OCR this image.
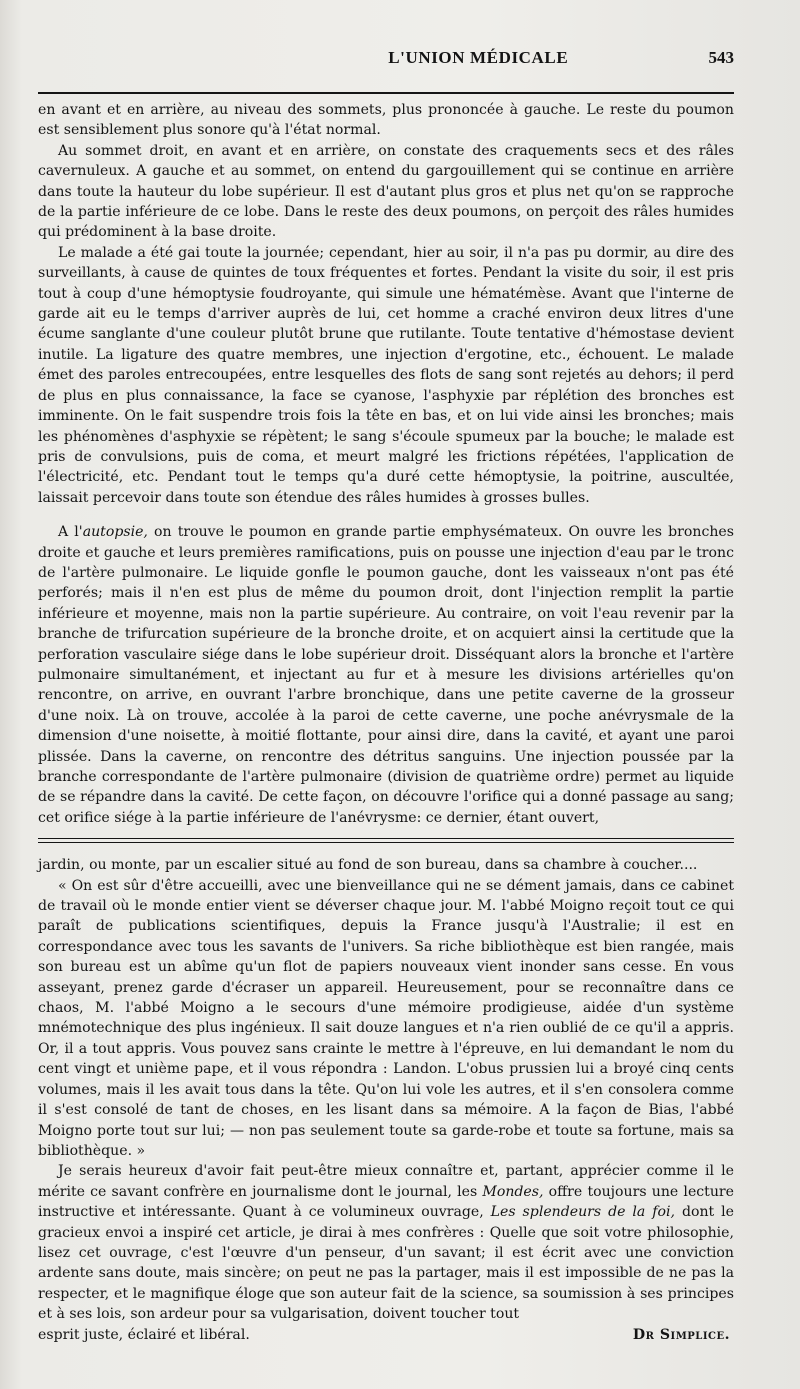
L'UNION MÉDICALE	543

en avant et en arrière, au niveau des sommets, plus prononcée à gauche. Le reste du poumon est sensiblement plus sonore qu'à l'état normal.

Au sommet droit, en avant et en arrière, on constate des craquements secs et des râles cavernuleux. A gauche et au sommet, on entend du gargouillement qui se continue en arrière dans toute la hauteur du lobe supérieur. Il est d'autant plus gros et plus net qu'on se rapproche de la partie inférieure de ce lobe. Dans le reste des deux poumons, on perçoit des râles humides qui prédominent à la base droite.

Le malade a été gai toute la journée; cependant, hier au soir, il n'a pas pu dormir, au dire des surveillants, à cause de quintes de toux fréquentes et fortes. Pendant la visite du soir, il est pris tout à coup d'une hémoptysie foudroyante, qui simule une hématémèse. Avant que l'interne de garde ait eu le temps d'arriver auprès de lui, cet homme a craché environ deux litres d'une écume sanglante d'une couleur plutôt brune que rutilante. Toute tentative d'hémostase devient inutile. La ligature des quatre membres, une injection d'ergotine, etc., échouent. Le malade émet des paroles entrecoupées, entre lesquelles des flots de sang sont rejetés au dehors; il perd de plus en plus connaissance, la face se cyanose, l'asphyxie par réplétion des bronches est imminente. On le fait suspendre trois fois la tête en bas, et on lui vide ainsi les bronches; mais les phénomènes d'asphyxie se répètent; le sang s'écoule spumeux par la bouche; le malade est pris de convulsions, puis de coma, et meurt malgré les frictions répétées, l'application de l'électricité, etc. Pendant tout le temps qu'a duré cette hémoptysie, la poitrine, auscultée, laissait percevoir dans toute son étendue des râles humides à grosses bulles.

A l'autopsie, on trouve le poumon en grande partie emphysémateux. On ouvre les bronches droite et gauche et leurs premières ramifications, puis on pousse une injection d'eau par le tronc de l'artère pulmonaire. Le liquide gonfle le poumon gauche, dont les vaisseaux n'ont pas été perforés; mais il n'en est plus de même du poumon droit, dont l'injection remplit la partie inférieure et moyenne, mais non la partie supérieure. Au contraire, on voit l'eau revenir par la branche de trifurcation supérieure de la bronche droite, et on acquiert ainsi la certitude que la perforation vasculaire siége dans le lobe supérieur droit. Disséquant alors la bronche et l'artère pulmonaire simultanément, et injectant au fur et à mesure les divisions artérielles qu'on rencontre, on arrive, en ouvrant l'arbre bronchique, dans une petite caverne de la grosseur d'une noix. Là on trouve, accolée à la paroi de cette caverne, une poche anévrysmale de la dimension d'une noisette, à moitié flottante, pour ainsi dire, dans la cavité, et ayant une paroi plissée. Dans la caverne, on rencontre des détritus sanguins. Une injection poussée par la branche correspondante de l'artère pulmonaire (division de quatrième ordre) permet au liquide de se répandre dans la cavité. De cette façon, on découvre l'orifice qui a donné passage au sang; cet orifice siége à la partie inférieure de l'anévrysme: ce dernier, étant ouvert,

jardin, ou monte, par un escalier situé au fond de son bureau, dans sa chambre à coucher....

« On est sûr d'être accueilli, avec une bienveillance qui ne se dément jamais, dans ce cabinet de travail où le monde entier vient se déverser chaque jour. M. l'abbé Moigno reçoit tout ce qui paraît de publications scientifiques, depuis la France jusqu'à l'Australie; il est en correspondance avec tous les savants de l'univers. Sa riche bibliothèque est bien rangée, mais son bureau est un abîme qu'un flot de papiers nouveaux vient inonder sans cesse. En vous asseyant, prenez garde d'écraser un appareil. Heureusement, pour se reconnaître dans ce chaos, M. l'abbé Moigno a le secours d'une mémoire prodigieuse, aidée d'un système mnémotechnique des plus ingénieux. Il sait douze langues et n'a rien oublié de ce qu'il a appris. Or, il a tout appris. Vous pouvez sans crainte le mettre à l'épreuve, en lui demandant le nom du cent vingt et unième pape, et il vous répondra : Landon. L'obus prussien lui a broyé cinq cents volumes, mais il les avait tous dans la tête. Qu'on lui vole les autres, et il s'en consolera comme il s'est consolé de tant de choses, en les lisant dans sa mémoire. A la façon de Bias, l'abbé Moigno porte tout sur lui; — non pas seulement toute sa garde-robe et toute sa fortune, mais sa bibliothèque. »

Je serais heureux d'avoir fait peut-être mieux connaître et, partant, apprécier comme il le mérite ce savant confrère en journalisme dont le journal, les Mondes, offre toujours une lecture instructive et intéressante. Quant à ce volumineux ouvrage, Les splendeurs de la foi, dont le gracieux envoi a inspiré cet article, je dirai à mes confrères : Quelle que soit votre philosophie, lisez cet ouvrage, c'est l'œuvre d'un penseur, d'un savant; il est écrit avec une conviction ardente sans doute, mais sincère; on peut ne pas la partager, mais il est impossible de ne pas la respecter, et le magnifique éloge que son auteur fait de la science, sa soumission à ses principes et à ses lois, son ardeur pour sa vulgarisation, doivent toucher tout

esprit juste, éclairé et libéral.	Dr Simplice.
